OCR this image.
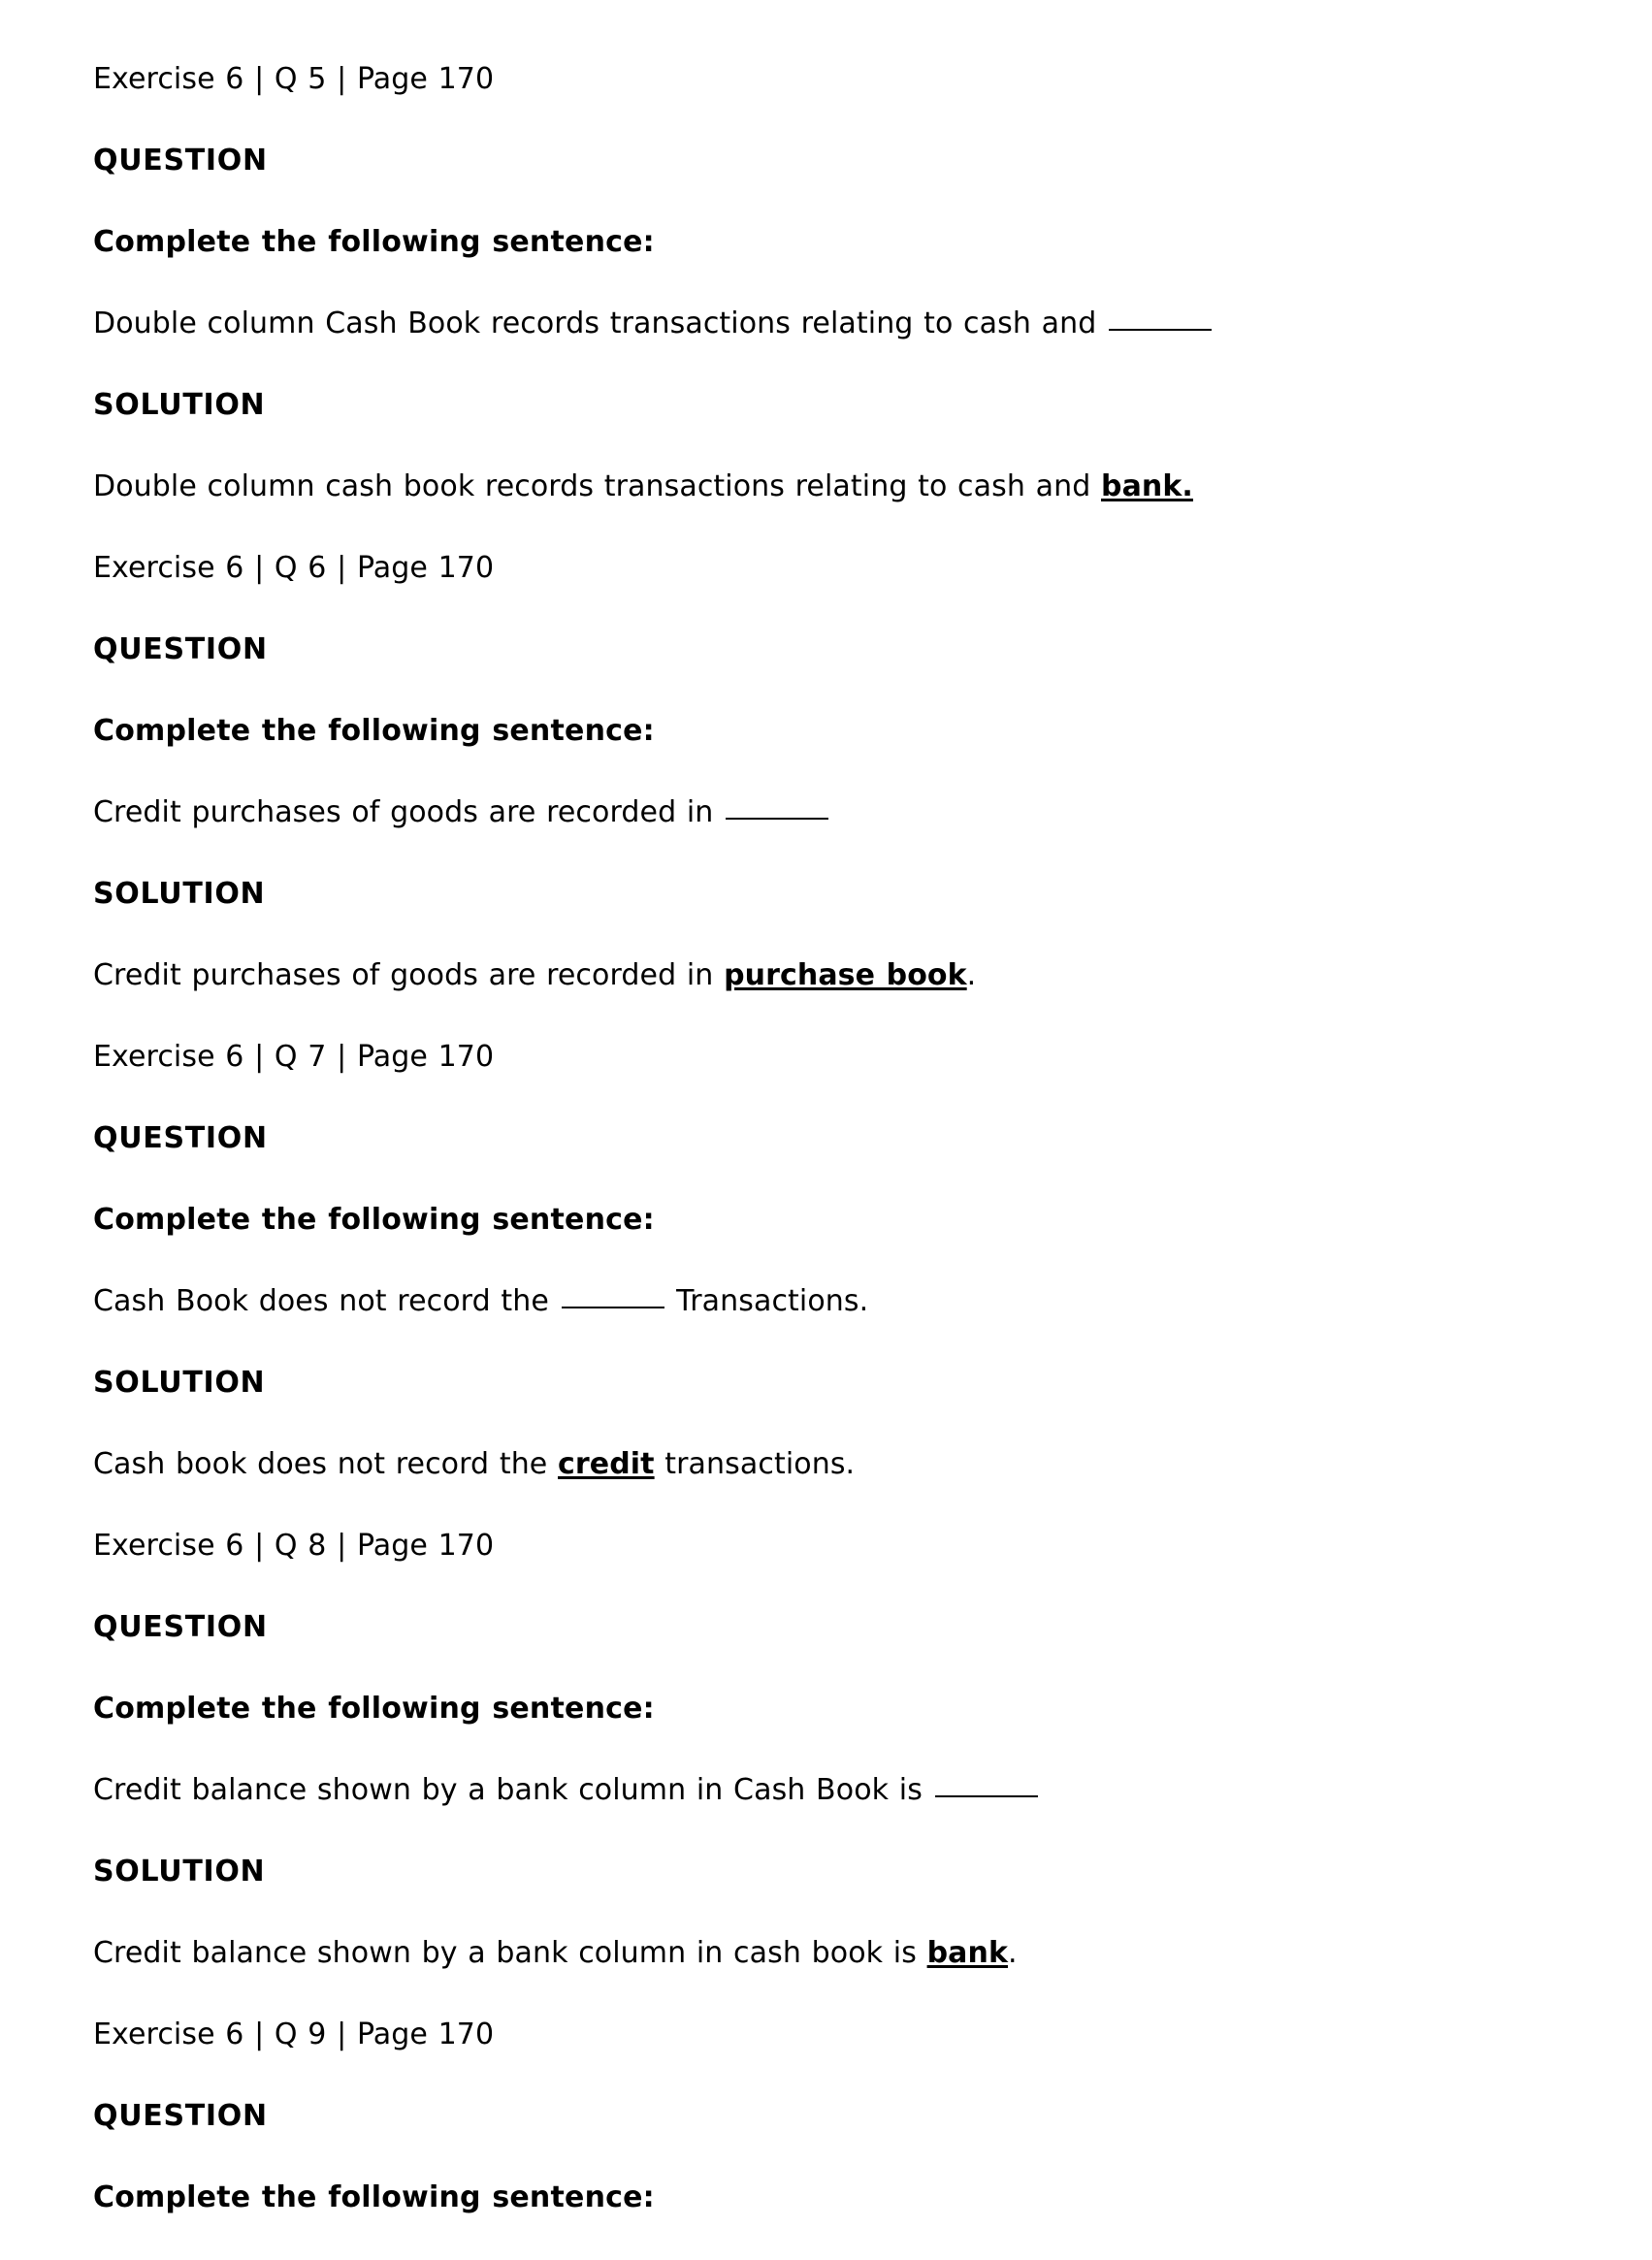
Exercise 6 | Q 5 | Page 170

QUESTION

Complete the following sentence:

Double column Cash Book records transactions relating to cash and

SOLUTION

Double column cash book records transactions relating to cash and bank.

Exercise 6 | Q 6 | Page 170

QUESTION

Complete the following sentence:

Credit purchases of goods are recorded in

SOLUTION

Credit purchases of goods are recorded in purchase book.

Exercise 6 | Q 7 | Page 170

QUESTION

Complete the following sentence:

Cash Book does not record the	Transactions.

SOLUTION

Cash book does not record the credit transactions.

Exercise 6 | Q 8 | Page 170

QUESTION

Complete the following sentence:

Credit balance shown by a bank column in Cash Book is

SOLUTION

Credit balance shown by a bank column in cash book is bank.

Exercise 6 | Q 9 | Page 170

QUESTION

Complete the following sentence:
